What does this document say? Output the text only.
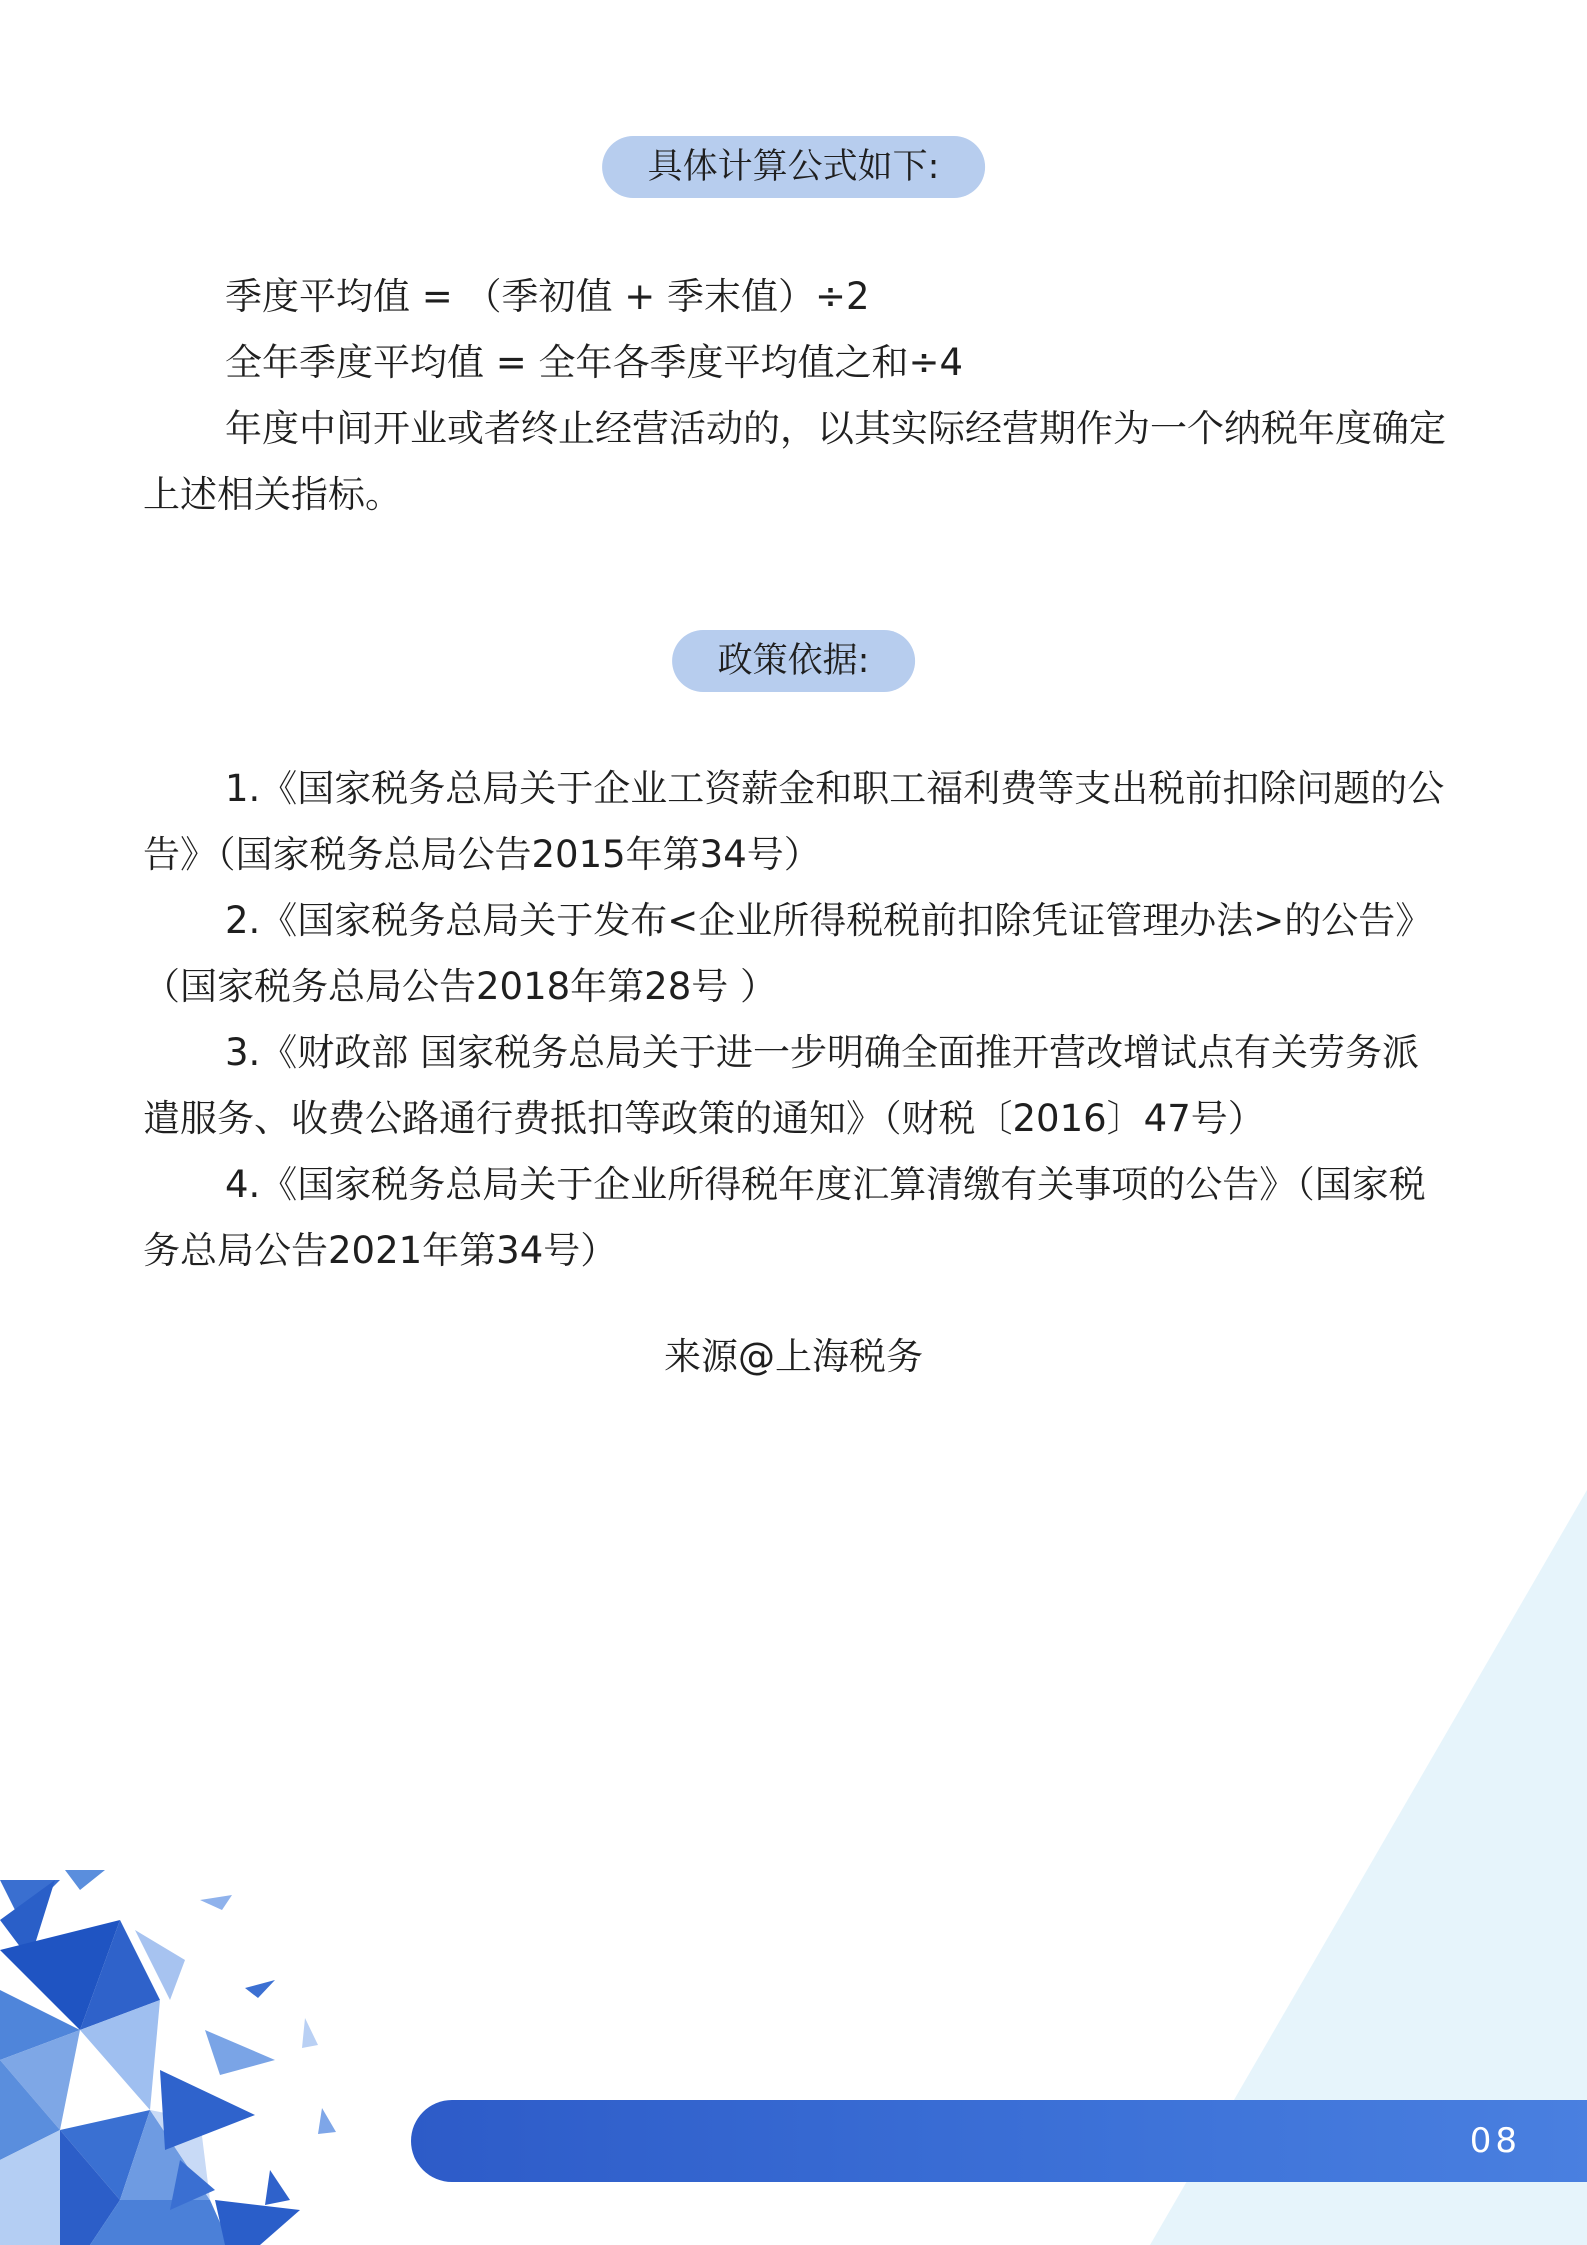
具体计算公式如下:

季度平均值 = （季初值 + 季末值）÷2

全年季度平均值 = 全年各季度平均值之和÷4

年度中间开业或者终止经营活动的，以其实际经营期作为一个纳税年度确定上述相关指标。

政策依据:

1.《国家税务总局关于企业工资薪金和职工福利费等支出税前扣除问题的公告》（国家税务总局公告2015年第34号）

2.《国家税务总局关于发布<企业所得税税前扣除凭证管理办法>的公告》（国家税务总局公告2018年第28号 ）

3.《财政部 国家税务总局关于进一步明确全面推开营改增试点有关劳务派遣服务、收费公路通行费抵扣等政策的通知》（财税〔2016〕47号）

4.《国家税务总局关于企业所得税年度汇算清缴有关事项的公告》（国家税务总局公告2021年第34号）

来源@上海税务
08
